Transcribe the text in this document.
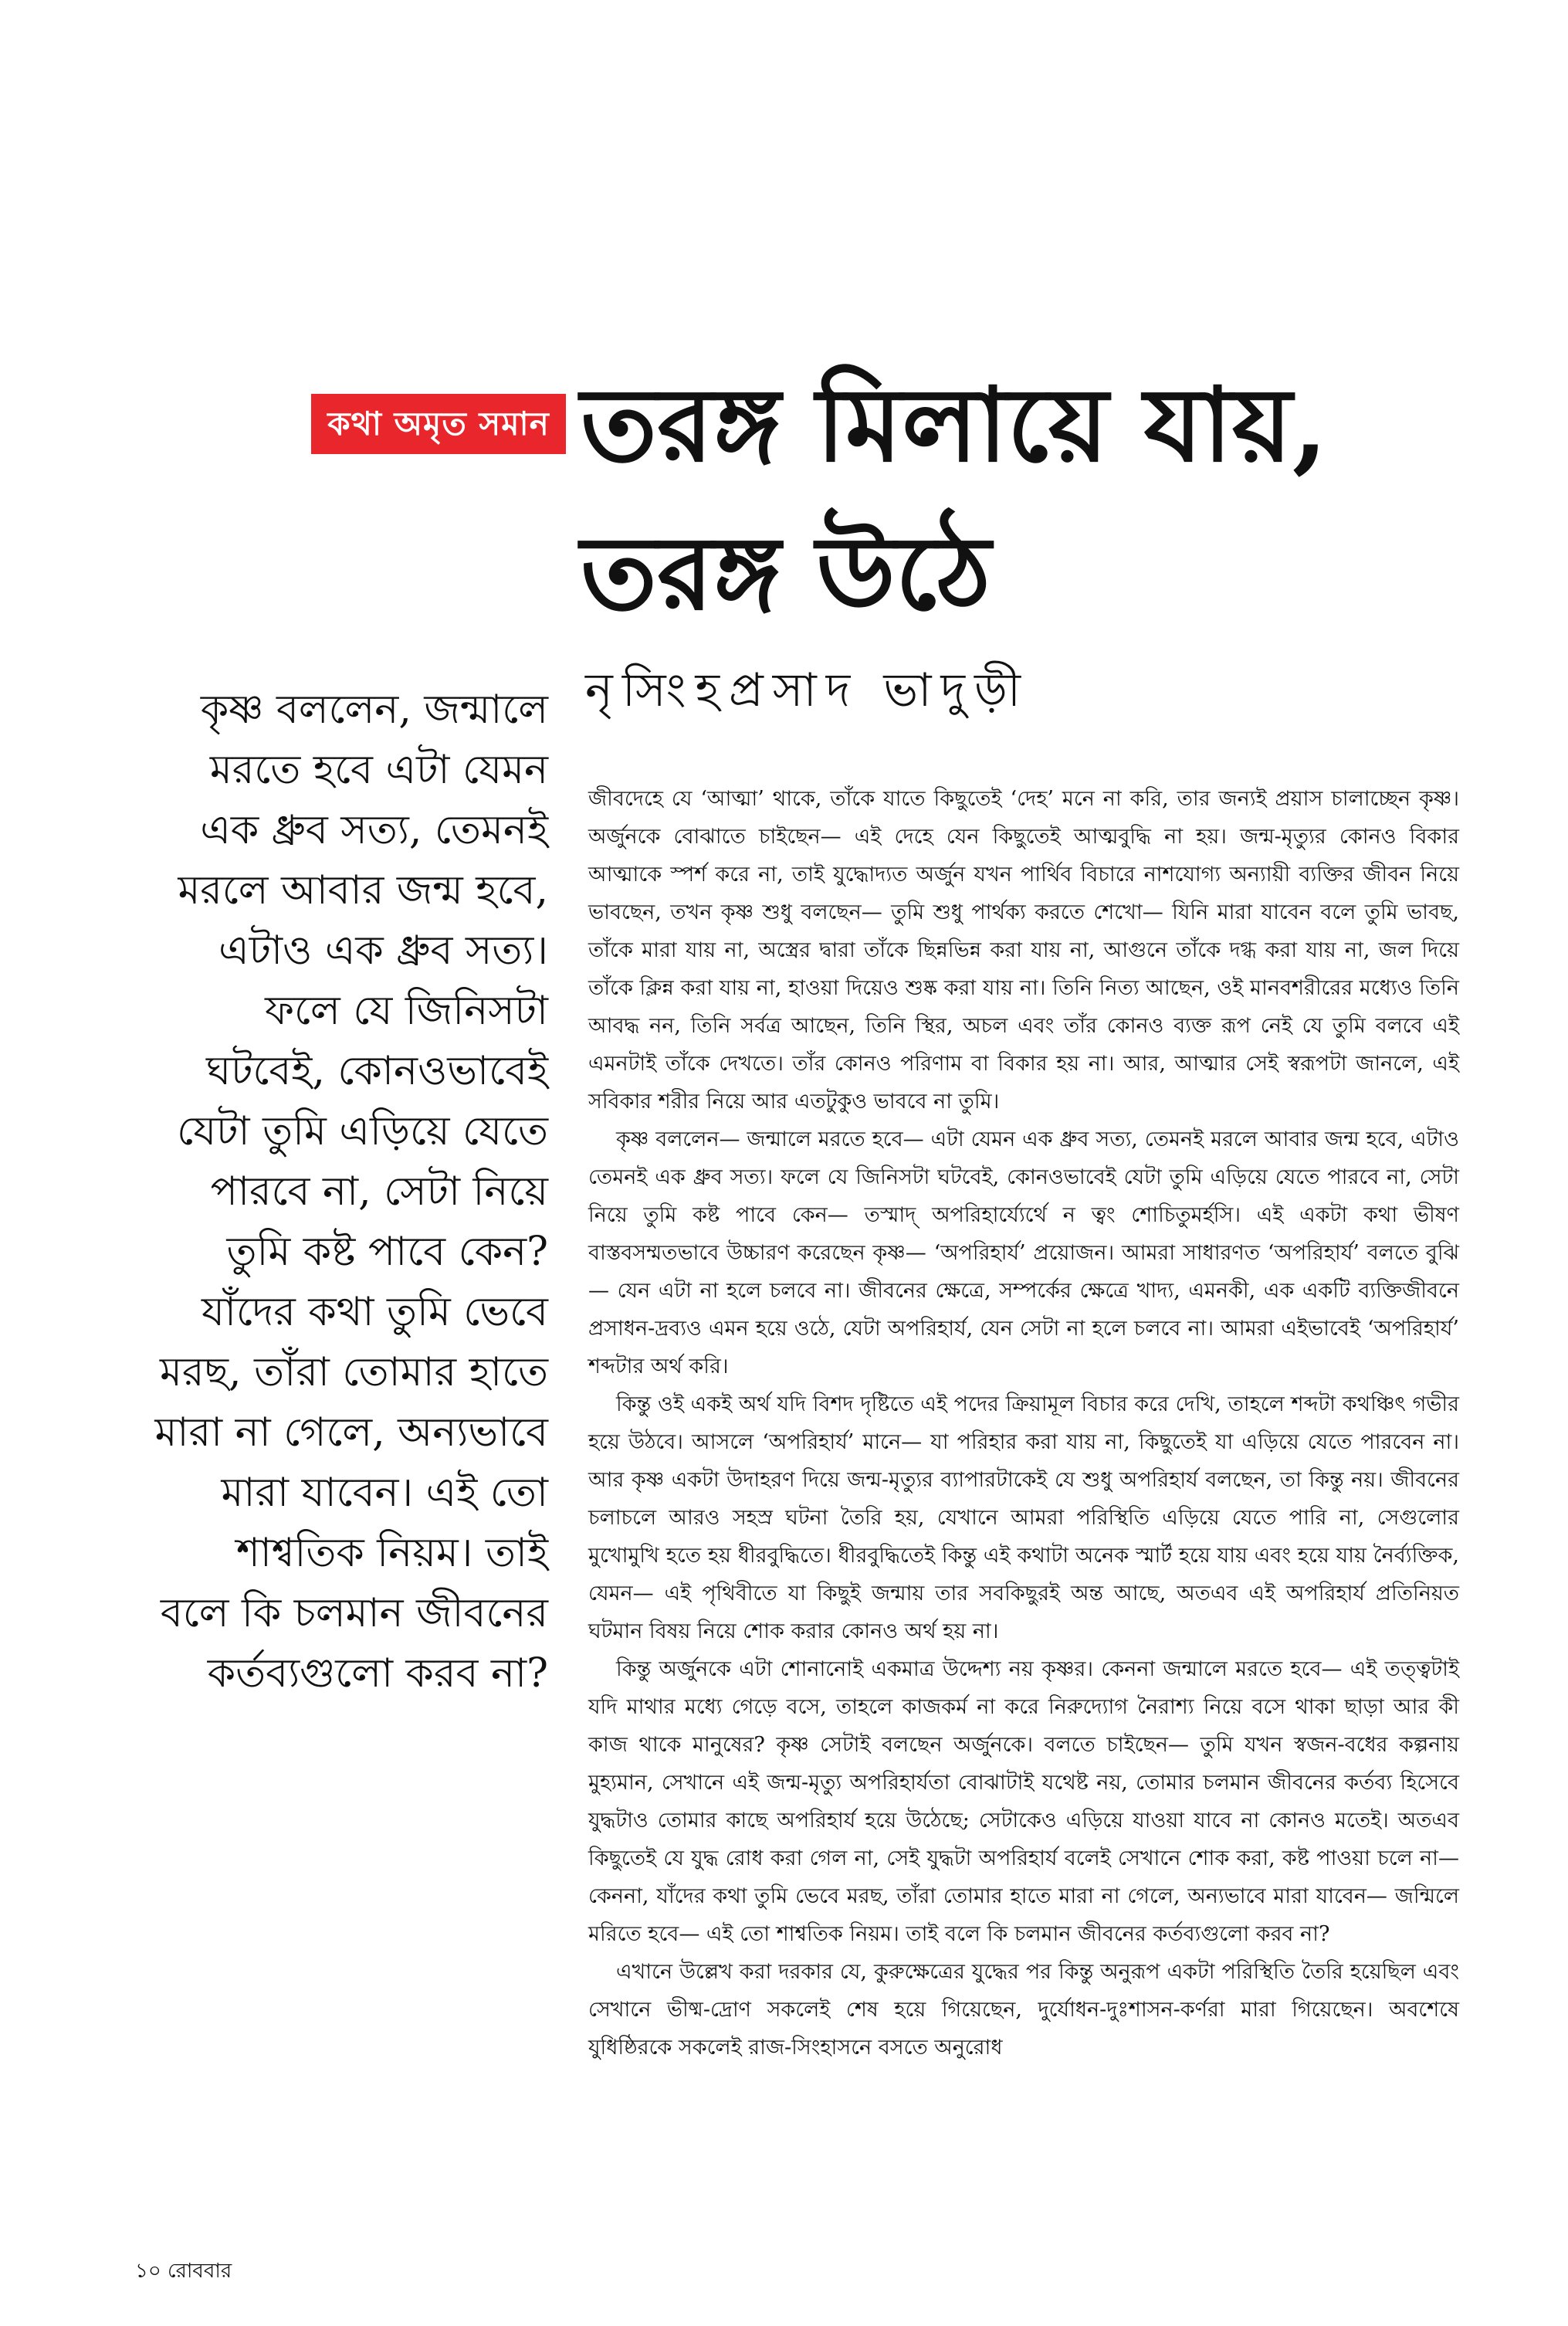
কথা অমৃত সমান তরঙ্গ মিলায়ে যায়,
তরঙ্গ উঠে
নৃসিংহপ্রসাদ ভাদুড়ী
কৃষ্ণ বললেন, জন্মালে
মরতে হবে এটা যেমন
এক ধ্রুব সত্য, তেমনই
মরলে আবার জন্ম হবে,
এটাও এক ধ্রুব সত্য।
ফলে যে জিনিসটা
ঘটবেই, কোনওভাবেই
যেটা তুমি এড়িয়ে যেতে
পারবে না, সেটা নিয়ে
তুমি কষ্ট পাবে কেন?
যাঁদের কথা তুমি ভেবে
মরছ, তাঁরা তোমার হাতে
মারা না গেলে, অন্যভাবে
মারা যাবেন। এই তো
শাশ্বতিক নিয়ম। তাই
বলে কি চলমান জীবনের
কর্তব্যগুলো করব না?

জীবদেহে যে ‘আত্মা’ থাকে, তাঁকে যাতে কিছুতেই ‘দেহ’ মনে না করি, তার জন্যই প্রয়াস চালাচ্ছেন কৃষ্ণ। অর্জুনকে বোঝাতে চাইছেন— এই দেহে যেন কিছুতেই আত্মবুদ্ধি না হয়। জন্ম-মৃত্যুর কোনও বিকার আত্মাকে স্পর্শ করে না, তাই যুদ্ধোদ্যত অর্জুন যখন পার্থিব বিচারে নাশযোগ্য অন্যায়ী ব্যক্তির জীবন নিয়ে ভাবছেন, তখন কৃষ্ণ শুধু বলছেন— তুমি শুধু পার্থক্য করতে শেখো— যিনি মারা যাবেন বলে তুমি ভাবছ, তাঁকে মারা যায় না, অস্ত্রের দ্বারা তাঁকে ছিন্নভিন্ন করা যায় না, আগুনে তাঁকে দগ্ধ করা যায় না, জল দিয়ে তাঁকে ক্লিন্ন করা যায় না, হাওয়া দিয়েও শুষ্ক করা যায় না। তিনি নিত্য আছেন, ওই মানবশরীরের মধ্যেও তিনি আবদ্ধ নন, তিনি সর্বত্র আছেন, তিনি স্থির, অচল এবং তাঁর কোনও ব্যক্ত রূপ নেই যে তুমি বলবে এই এমনটাই তাঁকে দেখতে। তাঁর কোনও পরিণাম বা বিকার হয় না। আর, আত্মার সেই স্বরূপটা জানলে, এই সবিকার শরীর নিয়ে আর এতটুকুও ভাববে না তুমি।

কৃষ্ণ বললেন— জন্মালে মরতে হবে— এটা যেমন এক ধ্রুব সত্য, তেমনই মরলে আবার জন্ম হবে, এটাও তেমনই এক ধ্রুব সত্য। ফলে যে জিনিসটা ঘটবেই, কোনওভাবেই যেটা তুমি এড়িয়ে যেতে পারবে না, সেটা নিয়ে তুমি কষ্ট পাবে কেন— তস্মাদ্ অপরিহার্য্যের্থে ন ত্বং শোচিতুমর্হসি। এই একটা কথা ভীষণ বাস্তবসম্মতভাবে উচ্চারণ করেছেন কৃষ্ণ— ‘অপরিহার্য’ প্রয়োজন। আমরা সাধারণত ‘অপরিহার্য’ বলতে বুঝি— যেন এটা না হলে চলবে না। জীবনের ক্ষেত্রে, সম্পর্কের ক্ষেত্রে খাদ্য, এমনকী, এক একটি ব্যক্তিজীবনে প্রসাধন-দ্রব্যও এমন হয়ে ওঠে, যেটা অপরিহার্য, যেন সেটা না হলে চলবে না। আমরা এইভাবেই ‘অপরিহার্য’ শব্দটার অর্থ করি।

কিন্তু ওই একই অর্থ যদি বিশদ দৃষ্টিতে এই পদের ক্রিয়ামূল বিচার করে দেখি, তাহলে শব্দটা কথঞ্চিৎ গভীর হয়ে উঠবে। আসলে ‘অপরিহার্য’ মানে— যা পরিহার করা যায় না, কিছুতেই যা এড়িয়ে যেতে পারবেন না। আর কৃষ্ণ একটা উদাহরণ দিয়ে জন্ম-মৃত্যুর ব্যাপারটাকেই যে শুধু অপরিহার্য বলছেন, তা কিন্তু নয়। জীবনের চলাচলে আরও সহস্র ঘটনা তৈরি হয়, যেখানে আমরা পরিস্থিতি এড়িয়ে যেতে পারি না, সেগুলোর মুখোমুখি হতে হয় ধীরবুদ্ধিতে। ধীরবুদ্ধিতেই কিন্তু এই কথাটা অনেক স্মার্ট হয়ে যায় এবং হয়ে যায় নৈর্ব্যক্তিক, যেমন— এই পৃথিবীতে যা কিছুই জন্মায় তার সবকিছুরই অন্ত আছে, অতএব এই অপরিহার্য প্রতিনিয়ত ঘটমান বিষয় নিয়ে শোক করার কোনও অর্থ হয় না।

কিন্তু অর্জুনকে এটা শোনানোই একমাত্র উদ্দেশ্য নয় কৃষ্ণর। কেননা জন্মালে মরতে হবে— এই তত্ত্বটাই যদি মাথার মধ্যে গেড়ে বসে, তাহলে কাজকর্ম না করে নিরুদ্যোগ নৈরাশ্য নিয়ে বসে থাকা ছাড়া আর কী কাজ থাকে মানুষের? কৃষ্ণ সেটাই বলছেন অর্জুনকে। বলতে চাইছেন— তুমি যখন স্বজন-বধের কল্পনায় মুহ্যমান, সেখানে এই জন্ম-মৃত্যু অপরিহার্যতা বোঝাটাই যথেষ্ট নয়, তোমার চলমান জীবনের কর্তব্য হিসেবে যুদ্ধটাও তোমার কাছে অপরিহার্য হয়ে উঠেছে; সেটাকেও এড়িয়ে যাওয়া যাবে না কোনও মতেই। অতএব কিছুতেই যে যুদ্ধ রোধ করা গেল না, সেই যুদ্ধটা অপরিহার্য বলেই সেখানে শোক করা, কষ্ট পাওয়া চলে না— কেননা, যাঁদের কথা তুমি ভেবে মরছ, তাঁরা তোমার হাতে মারা না গেলে, অন্যভাবে মারা যাবেন— জন্মিলে মরিতে হবে— এই তো শাশ্বতিক নিয়ম। তাই বলে কি চলমান জীবনের কর্তব্যগুলো করব না?

এখানে উল্লেখ করা দরকার যে, কুরুক্ষেত্রের যুদ্ধের পর কিন্তু অনুরূপ একটা পরিস্থিতি তৈরি হয়েছিল এবং সেখানে ভীষ্ম-দ্রোণ সকলেই শেষ হয়ে গিয়েছেন, দুর্যোধন-দুঃশাসন-কর্ণরা মারা গিয়েছেন। অবশেষে যুধিষ্ঠিরকে সকলেই রাজ-সিংহাসনে বসতে অনুরোধ

১০ রোববার
